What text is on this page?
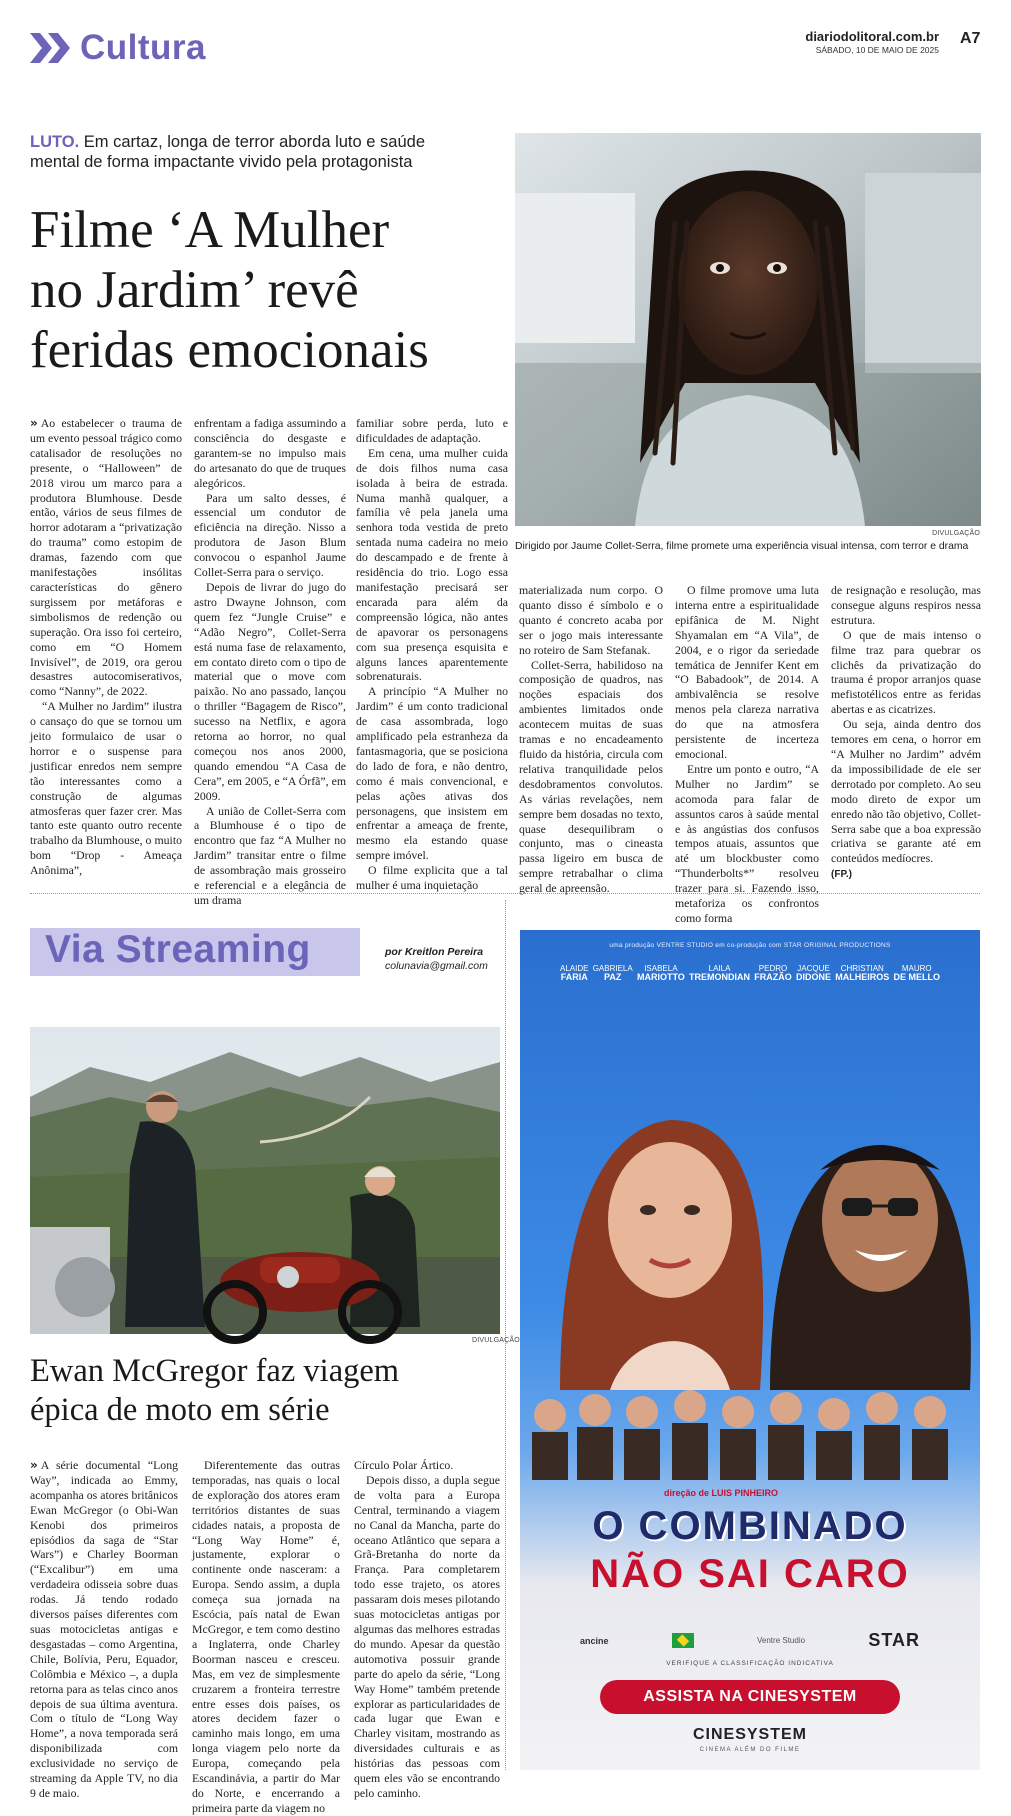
Cultura	diariodolitoral.com.br
SÁBADO, 10 DE MAIO DE 2025
A7
LUTO. Em cartaz, longa de terror aborda luto e saúde mental de forma impactante vivido pela protagonista
Filme ‘A Mulher
no Jardim’ revê
feridas emocionais
DIVULGAÇÃO
Dirigido por Jaume Collet-Serra, filme promete uma experiência visual intensa, com terror e drama

» Ao estabelecer o trauma de um evento pessoal trágico como catalisador de resoluções no presente, o “Halloween” de 2018 virou um marco para a produtora Blumhouse. Desde então, vários de seus filmes de horror adotaram a “privatização do trauma” como estopim de dramas, fazendo com que manifestações insólitas características do gênero surgissem por metáforas e simbolismos de redenção ou superação. Ora isso foi certeiro, como em “O Homem Invisível”, de 2019, ora gerou desastres autocomiserativos, como “Nanny”, de 2022.

“A Mulher no Jardim” ilustra o cansaço do que se tornou um jeito formulaico de usar o horror e o suspense para justificar enredos nem sempre tão interessantes como a construção de algumas atmosferas quer fazer crer. Mas tanto este quanto outro recente trabalho da Blumhouse, o muito bom “Drop - Ameaça Anônima”,

enfrentam a fadiga assumindo a consciência do desgaste e garantem-se no impulso mais do artesanato do que de truques alegóricos.

Para um salto desses, é essencial um condutor de eficiência na direção. Nisso a produtora de Jason Blum convocou o espanhol Jaume Collet-Serra para o serviço.

Depois de livrar do jugo do astro Dwayne Johnson, com quem fez “Jungle Cruise” e “Adão Negro”, Collet-Serra está numa fase de relaxamento, em contato direto com o tipo de material que o move com paixão. No ano passado, lançou o thriller “Bagagem de Risco”, sucesso na Netflix, e agora retorna ao horror, no qual começou nos anos 2000, quando emendou “A Casa de Cera”, em 2005, e “A Órfã”, em 2009.

A união de Collet-Serra com a Blumhouse é o tipo de encontro que faz “A Mulher no Jardim” transitar entre o filme de assombração mais grosseiro e referencial e a elegância de um drama

familiar sobre perda, luto e dificuldades de adaptação.

Em cena, uma mulher cuida de dois filhos numa casa isolada à beira de estrada. Numa manhã qualquer, a família vê pela janela uma senhora toda vestida de preto sentada numa cadeira no meio do descampado e de frente à residência do trio. Logo essa manifestação precisará ser encarada para além da compreensão lógica, não antes de apavorar os personagens com sua presença esquisita e alguns lances aparentemente sobrenaturais.

A princípio “A Mulher no Jardim” é um conto tradicional de casa assombrada, logo amplificado pela estranheza da fantasmagoria, que se posiciona do lado de fora, e não dentro, como é mais convencional, e pelas ações ativas dos personagens, que insistem em enfrentar a ameaça de frente, mesmo ela estando quase sempre imóvel.

O filme explicita que a tal mulher é uma inquietação

materializada num corpo. O quanto disso é símbolo e o quanto é concreto acaba por ser o jogo mais interessante no roteiro de Sam Stefanak.

Collet-Serra, habilidoso na composição de quadros, nas noções espaciais dos ambientes limitados onde acontecem muitas de suas tramas e no encadeamento fluido da história, circula com relativa tranquilidade pelos desdobramentos convolutos. As várias revelações, nem sempre bem dosadas no texto, quase desequilibram o conjunto, mas o cineasta passa ligeiro em busca de sempre retrabalhar o clima geral de apreensão.

O filme promove uma luta interna entre a espiritualidade epifânica de M. Night Shyamalan em “A Vila”, de 2004, e o rigor da seriedade temática de Jennifer Kent em “O Babadook”, de 2014. A ambivalência se resolve menos pela clareza narrativa do que na atmosfera persistente de incerteza emocional.

Entre um ponto e outro, “A Mulher no Jardim” se acomoda para falar de assuntos caros à saúde mental e às angústias dos confusos tempos atuais, assuntos que até um blockbuster como “Thunderbolts*” resolveu trazer para si. Fazendo isso, metaforiza os confrontos como forma

de resignação e resolução, mas consegue alguns respiros nessa estrutura.

O que de mais intenso o filme traz para quebrar os clichês da privatização do trauma é propor arranjos quase mefistotélicos entre as feridas abertas e as cicatrizes.

Ou seja, ainda dentro dos temores em cena, o horror em “A Mulher no Jardim” advém da impossibilidade de ele ser derrotado por completo. Ao seu modo direto de expor um enredo não tão objetivo, Collet-Serra sabe que a boa expressão criativa se garante até em conteúdos medíocres.

(FP.)
Via Streaming	por Kreitlon Pereira
colunavia@gmail.com
DIVULGAÇÃO
Ewan McGregor faz viagem
épica de moto em série

» A série documental “Long Way”, indicada ao Emmy, acompanha os atores britânicos Ewan McGregor (o Obi-Wan Kenobi dos primeiros episódios da saga de “Star Wars”) e Charley Boorman (“Excalibur”) em uma verdadeira odisseia sobre duas rodas. Já tendo rodado diversos países diferentes com suas motocicletas antigas e desgastadas – como Argentina, Chile, Bolívia, Peru, Equador, Colômbia e México –, a dupla retorna para as telas cinco anos depois de sua última aventura. Com o título de “Long Way Home”, a nova temporada será disponibilizada com exclusividade no serviço de streaming da Apple TV, no dia 9 de maio.

Diferentemente das outras temporadas, nas quais o local de exploração dos atores eram territórios distantes de suas cidades natais, a proposta de “Long Way Home” é, justamente, explorar o continente onde nasceram: a Europa. Sendo assim, a dupla começa sua jornada na Escócia, país natal de Ewan McGregor, e tem como destino a Inglaterra, onde Charley Boorman nasceu e cresceu. Mas, em vez de simplesmente cruzarem a fronteira terrestre entre esses dois países, os atores decidem fazer o caminho mais longo, em uma longa viagem pelo norte da Europa, começando pela Escandinávia, a partir do Mar do Norte, e encerrando a primeira parte da viagem no

Círculo Polar Ártico.

Depois disso, a dupla segue de volta para a Europa Central, terminando a viagem no Canal da Mancha, parte do oceano Atlântico que separa a Grã-Bretanha do norte da França. Para completarem todo esse trajeto, os atores passaram dois meses pilotando suas motocicletas antigas por algumas das melhores estradas do mundo. Apesar da questão automotiva possuir grande parte do apelo da série, “Long Way Home” também pretende explorar as particularidades de cada lugar que Ewan e Charley visitam, mostrando as diversidades culturais e as histórias das pessoas com quem eles vão se encontrando pelo caminho.

uma produção VENTRE STUDIO em co-produção com STAR ORIGINAL PRODUCTIONS
ALAIDE
FARIA
GABRIELA
PAZ
ISABELA
MARIOTTO
LAILA
TREMONDIAN
PEDRO
FRAZÃO
JACQUE
DIDONE
CHRISTIAN
MALHEIROS
MAURO
DE MELLO
direção de LUIS PINHEIRO
O COMBINADO
NÃO SAI CARO
ancine	Ventre Studio	STAR
VERIFIQUE A CLASSIFICAÇÃO INDICATIVA
ASSISTA NA CINESYSTEM
CINESYSTEM
CINEMA ALÉM DO FILME
